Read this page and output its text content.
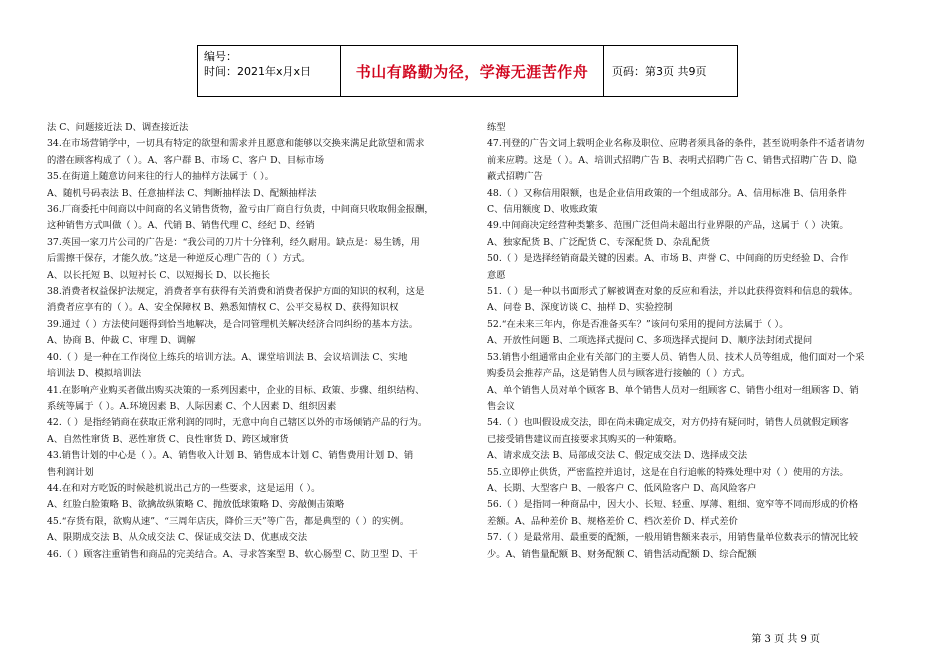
编号：
时间：2021年x月x日	书山有路勤为径，学海无涯苦作舟	页码：第3页 共9页

法 C、问题接近法 D、调查接近法

34.在市场营销学中，一切具有特定的欲望和需求并且愿意和能够以交换来满足此欲望和需求

的潜在顾客构成了（ ）。A、客户群 B、市场 C、客户 D、目标市场

35.在街道上随意访问来往的行人的抽样方法属于（ ）。

A、随机号码表法 B、任意抽样法 C、判断抽样法 D、配额抽样法

36.厂商委托中间商以中间商的名义销售货物，盈亏由厂商自行负责，中间商只收取佣金报酬，

这种销售方式叫做（ ）。A、代销 B、销售代理 C、经纪 D、经销

37.英国一家刀片公司的广告是：“我公司的刀片十分锋利，经久耐用。缺点是：易生锈，用

后需擦干保存，才能久放。”这是一种逆反心理广告的（ ）方式。

A、以长托短 B、以短衬长 C、以短揭长 D、以长拖长

38.消费者权益保护法规定，消费者享有获得有关消费和消费者保护方面的知识的权利，这是

消费者应享有的（ ）。A、安全保障权 B、熟悉知情权 C、公平交易权 D、获得知识权

39.通过（ ）方法使问题得到恰当地解决，是合同管理机关解决经济合同纠纷的基本方法。

A、协商 B、仲裁 C、审理 D、调解

40.（ ）是一种在工作岗位上练兵的培训方法。A、课堂培训法 B、会议培训法 C、实地

培训法 D、模拟培训法

41.在影响产业购买者做出购买决策的一系列因素中，企业的目标、政策、步骤、组织结构、

系统等属于（ ）。A.环境因素 B、人际因素 C、个人因素 D、组织因素

42.（ ）是指经销商在获取正常利润的同时，无意中向自己辖区以外的市场倾销产品的行为。

A、自然性窜货 B、恶性窜货 C、良性窜货 D、跨区域窜货

43.销售计划的中心是（ ）。A、销售收入计划 B、销售成本计划 C、销售费用计划 D、销

售利润计划

44.在和对方吃饭的时候趁机说出己方的一些要求，这是运用（ ）。

A、红脸白脸策略 B、欲擒故纵策略 C、抛放低球策略 D、旁敲侧击策略

45.“存货有限，欲购从速”、“三周年店庆，降价三天”等广告，都是典型的（ ）的实例。

A、限期成交法 B、从众成交法 C、保证成交法 D、优惠成交法

46.（ ）顾客注重销售和商品的完美结合。A、寻求答案型 B、软心肠型 C、防卫型 D、干

练型

47.刊登的广告文词上载明企业名称及职位、应聘者须具备的条件，甚至说明条件不适者请勿

前来应聘。这是（ ）。A、培训式招聘广告 B、表明式招聘广告 C、销售式招聘广告 D、隐

蔽式招聘广告

48.（ ）又称信用限额，也是企业信用政策的一个组成部分。A、信用标准 B、信用条件

C、信用额度 D、收账政策

49.中间商决定经营种类繁多、范围广泛但尚未超出行业界限的产品，这属于（ ）决策。

A、独家配货 B、广泛配货 C、专深配货 D、杂乱配货

50.（ ）是选择经销商最关键的因素。A、市场 B、声誉 C、中间商的历史经验 D、合作

意愿

51.（ ）是一种以书面形式了解被调查对象的反应和看法，并以此获得资料和信息的载体。

A、问卷 B、深度访谈 C、抽样 D、实验控制

52.“在未来三年内，你是否准备买车？”该问句采用的提问方法属于（ ）。

A、开放性问题 B、二项选择式提问 C、多项选择式提问 D、顺序法封闭式提问

53.销售小组通常由企业有关部门的主要人员、销售人员、技术人员等组成，他们面对一个采

购委员会推荐产品，这是销售人员与顾客进行接触的（ ）方式。

A、单个销售人员对单个顾客 B、单个销售人员对一组顾客 C、销售小组对一组顾客 D、销

售会议

54.（ ）也叫假设成交法，即在尚未确定成交，对方仍持有疑问时，销售人员就假定顾客

已接受销售建议而直接要求其购买的一种策略。

A、请求成交法 B、局部成交法 C、假定成交法 D、选择成交法

55.立即停止供货，严密监控并追讨，这是在自行追帐的特殊处理中对（ ）使用的方法。

A、长期、大型客户 B、一般客户 C、低风险客户 D、高风险客户

56.（ ）是指同一种商品中，因大小、长短、轻重、厚薄、粗细、宽窄等不同而形成的价格

差额。A、品种差价 B、规格差价 C、档次差价 D、样式差价

57.（ ）是最常用、最重要的配额，一般用销售额来表示，用销售量单位数表示的情况比较

少。A、销售量配额 B、财务配额 C、销售活动配额 D、综合配额

第 3 页 共 9 页
